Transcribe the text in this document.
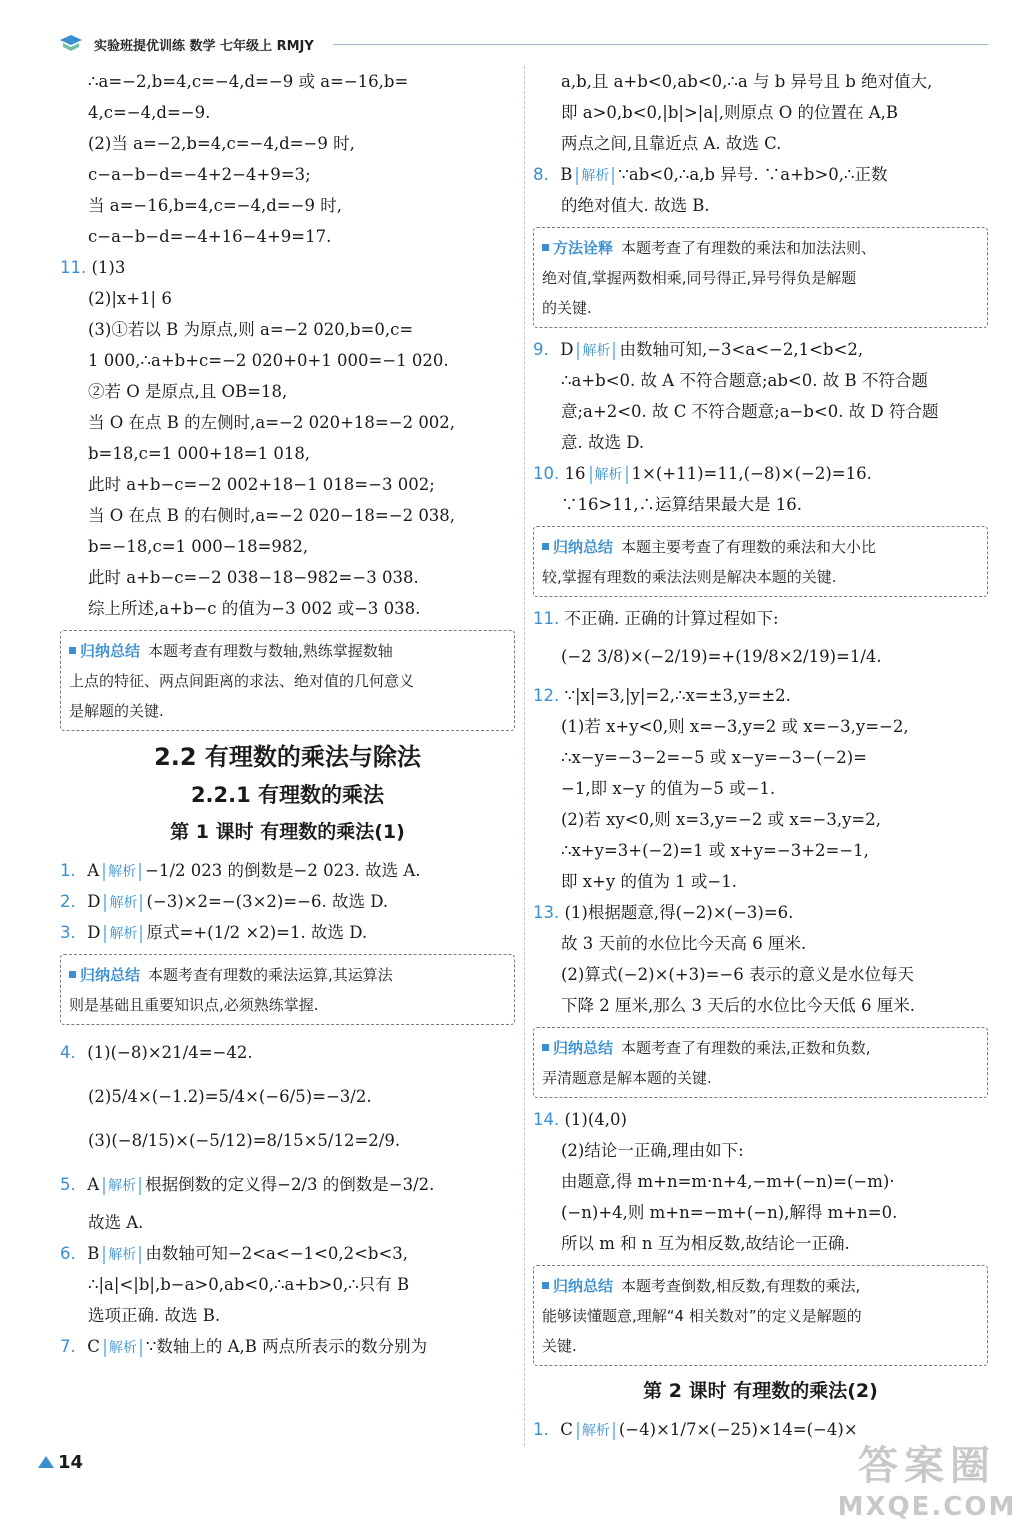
实验班提优训练 数学 七年级上 RMJY
∴a=−2,b=4,c=−4,d=−9 或 a=−16,b=
4,c=−4,d=−9.
(2)当 a=−2,b=4,c=−4,d=−9 时,
c−a−b−d=−4+2−4+9=3;
当 a=−16,b=4,c=−4,d=−9 时,
c−a−b−d=−4+16−4+9=17.
11. (1)3
(2)|x+1| 6
(3)①若以 B 为原点,则 a=−2 020,b=0,c=
1 000,∴a+b+c=−2 020+0+1 000=−1 020.
②若 O 是原点,且 OB=18,
当 O 在点 B 的左侧时,a=−2 020+18=−2 002,
b=18,c=1 000+18=1 018,
此时 a+b−c=−2 002+18−1 018=−3 002;
当 O 在点 B 的右侧时,a=−2 020−18=−2 038,
b=−18,c=1 000−18=982,
此时 a+b−c=−2 038−18−982=−3 038.
综上所述,a+b−c 的值为−3 002 或−3 038.
归纳总结 本题考查有理数与数轴,熟练掌握数轴
上点的特征、两点间距离的求法、绝对值的几何意义
是解题的关键.
2.2 有理数的乘法与除法
2.2.1 有理数的乘法
第 1 课时 有理数的乘法(1)
1. A 解析 −1/2 023 的倒数是−2 023. 故选 A.
2. D 解析 (−3)×2=−(3×2)=−6. 故选 D.
3. D 解析 原式=+(1/2 ×2)=1. 故选 D.
归纳总结 本题考查有理数的乘法运算,其运算法
则是基础且重要知识点,必须熟练掌握.
4. (1)(−8)×21/4=−42.
(2)5/4×(−1.2)=5/4×(−6/5)=−3/2.
(3)(−8/15)×(−5/12)=8/15×5/12=2/9.
5. A 解析 根据倒数的定义得−2/3 的倒数是−3/2.
故选 A.
6. B 解析 由数轴可知−2<a<−1<0,2<b<3,
∴|a|<|b|,b−a>0,ab<0,∴a+b>0,∴只有 B
选项正确. 故选 B.
7. C 解析 ∵数轴上的 A,B 两点所表示的数分别为
a,b,且 a+b<0,ab<0,∴a 与 b 异号且 b 绝对值大,
即 a>0,b<0,|b|>|a|,则原点 O 的位置在 A,B
两点之间,且靠近点 A. 故选 C.
8. B 解析 ∵ab<0,∴a,b 异号. ∵a+b>0,∴正数
的绝对值大. 故选 B.
方法诠释 本题考查了有理数的乘法和加法法则、
绝对值,掌握两数相乘,同号得正,异号得负是解题
的关键.
9. D 解析 由数轴可知,−3<a<−2,1<b<2,
∴a+b<0. 故 A 不符合题意;ab<0. 故 B 不符合题
意;a+2<0. 故 C 不符合题意;a−b<0. 故 D 符合题
意. 故选 D.
10. 16 解析 1×(+11)=11,(−8)×(−2)=16.
∵16>11,∴运算结果最大是 16.
归纳总结 本题主要考查了有理数的乘法和大小比
较,掌握有理数的乘法法则是解决本题的关键.
11. 不正确. 正确的计算过程如下:
(−2 3/8)×(−2/19)=+(19/8×2/19)=1/4.
12. ∵|x|=3,|y|=2,∴x=±3,y=±2.
(1)若 x+y<0,则 x=−3,y=2 或 x=−3,y=−2,
∴x−y=−3−2=−5 或 x−y=−3−(−2)=
−1,即 x−y 的值为−5 或−1.
(2)若 xy<0,则 x=3,y=−2 或 x=−3,y=2,
∴x+y=3+(−2)=1 或 x+y=−3+2=−1,
即 x+y 的值为 1 或−1.
13. (1)根据题意,得(−2)×(−3)=6.
故 3 天前的水位比今天高 6 厘米.
(2)算式(−2)×(+3)=−6 表示的意义是水位每天
下降 2 厘米,那么 3 天后的水位比今天低 6 厘米.
归纳总结 本题考查了有理数的乘法,正数和负数,
弄清题意是解本题的关键.
14. (1)(4,0)
(2)结论一正确,理由如下:
由题意,得 m+n=m·n+4,−m+(−n)=(−m)·
(−n)+4,则 m+n=−m+(−n),解得 m+n=0.
所以 m 和 n 互为相反数,故结论一正确.
归纳总结 本题考查倒数,相反数,有理数的乘法,
能够读懂题意,理解“4 相关数对”的定义是解题的
关键.
第 2 课时 有理数的乘法(2)
1. C 解析 (−4)×1/7×(−25)×14=(−4)×
14	答案圈
MXQE.COM
